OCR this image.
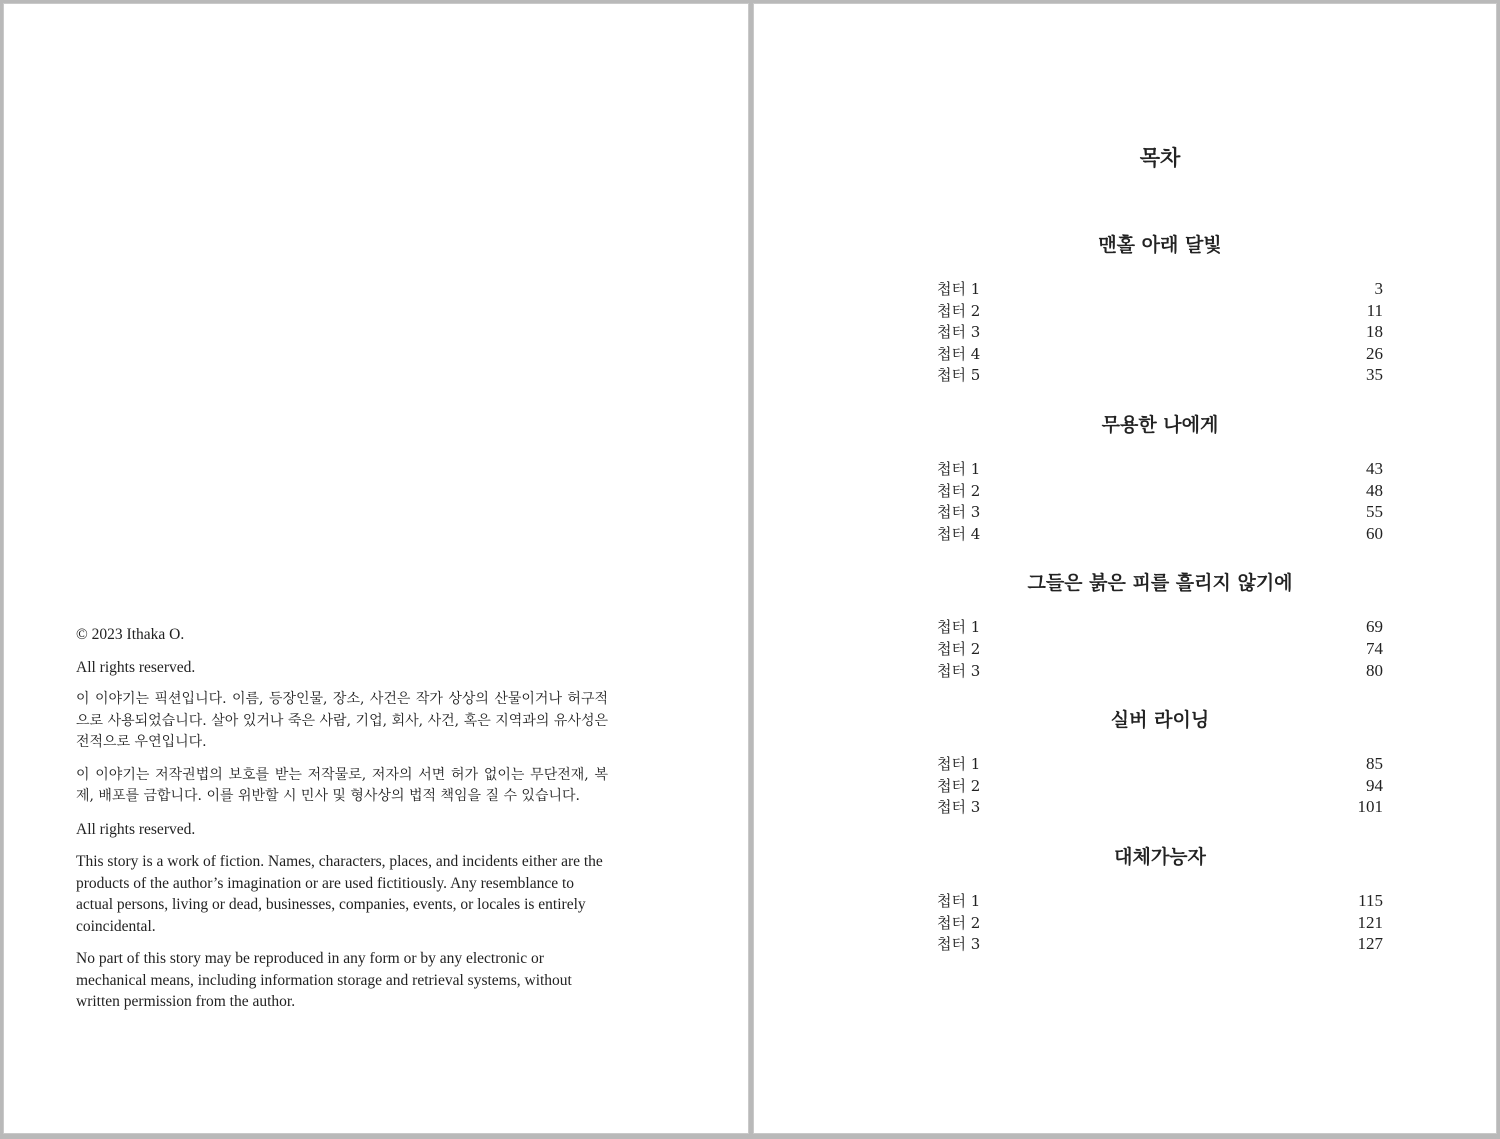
© 2023 Ithaka O.

All rights reserved.

이 이야기는 픽션입니다. 이름, 등장인물, 장소, 사건은 작가 상상의 산물이거나 허구적으로 사용되었습니다. 살아 있거나 죽은 사람, 기업, 회사, 사건, 혹은 지역과의 유사성은 전적으로 우연입니다.

이 이야기는 저작권법의 보호를 받는 저작물로, 저자의 서면 허가 없이는 무단전재, 복제, 배포를 금합니다. 이를 위반할 시 민사 및 형사상의 법적 책임을 질 수 있습니다.

All rights reserved.

This story is a work of fiction. Names, characters, places, and incidents either are the products of the author’s imagination or are used fictitiously. Any resemblance to actual persons, living or dead, businesses, companies, events, or locales is entirely coincidental.

No part of this story may be reproduced in any form or by any electronic or mechanical means, including information storage and retrieval systems, without written permission from the author.

목차
맨홀 아래 달빛
첩터 1	3
첩터 2	11
첩터 3	18
첩터 4	26
첩터 5	35
무용한 나에게
첩터 1	43
첩터 2	48
첩터 3	55
첩터 4	60
그들은 붉은 피를 흘리지 않기에
첩터 1	69
첩터 2	74
첩터 3	80
실버 라이닝
첩터 1	85
첩터 2	94
첩터 3	101
대체가능자
첩터 1	115
첩터 2	121
첩터 3	127
